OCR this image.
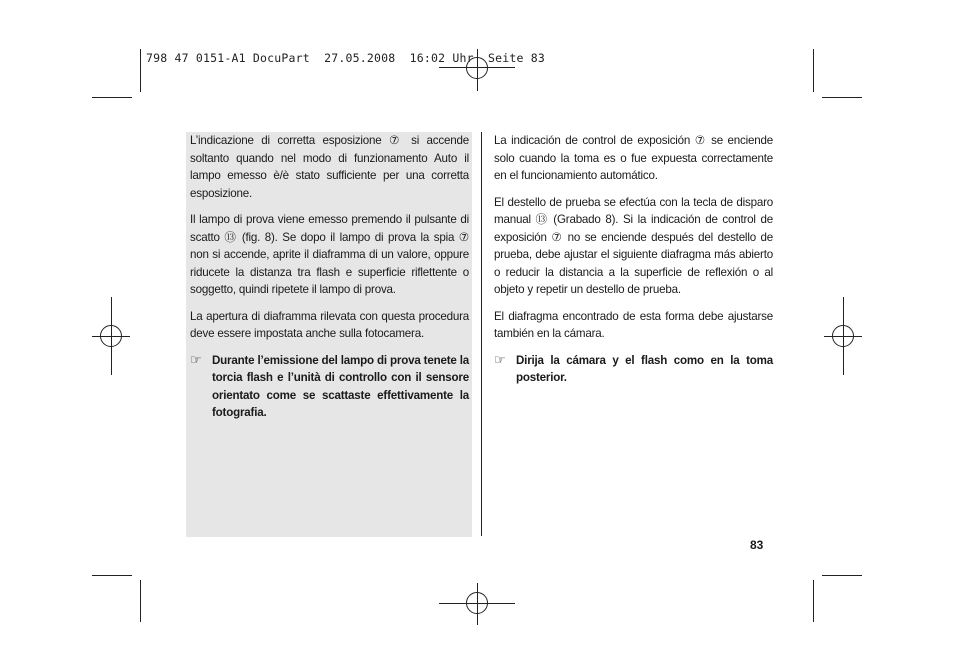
798 47 0151-A1 DocuPart 27.05.2008 16:02 Uhr Seite 83

L’indicazione di corretta esposizione ⑦ si accende soltanto quando nel modo di funzionamento Auto il lampo emesso è/è stato sufficiente per una corretta esposizione.

Il lampo di prova viene emesso premendo il pulsante di scatto ⑬ (fig. 8). Se dopo il lampo di prova la spia ⑦ non si accende, aprite il diaframma di un valore, oppure riducete la distanza tra flash e superficie riflettente o soggetto, quindi ripetete il lampo di prova.

La apertura di diaframma rilevata con questa procedura deve essere impostata anche sulla fotocamera.

☞ Durante l’emissione del lampo di prova tenete la torcia flash e l’unità di controllo con il sensore orientato come se scattaste effettivamente la fotografia.

La indicación de control de exposición ⑦ se enciende solo cuando la toma es o fue expuesta correctamente en el funcionamiento automático.

El destello de prueba se efectúa con la tecla de disparo manual ⑬ (Grabado 8). Si la indicación de control de exposición ⑦ no se enciende después del destello de prueba, debe ajustar el siguiente diafragma más abierto o reducir la distancia a la superficie de reflexión o al objeto y repetir un destello de prueba.

El diafragma encontrado de esta forma debe ajustarse también en la cámara.

☞ Dirija la cámara y el flash como en la toma posterior.

83
